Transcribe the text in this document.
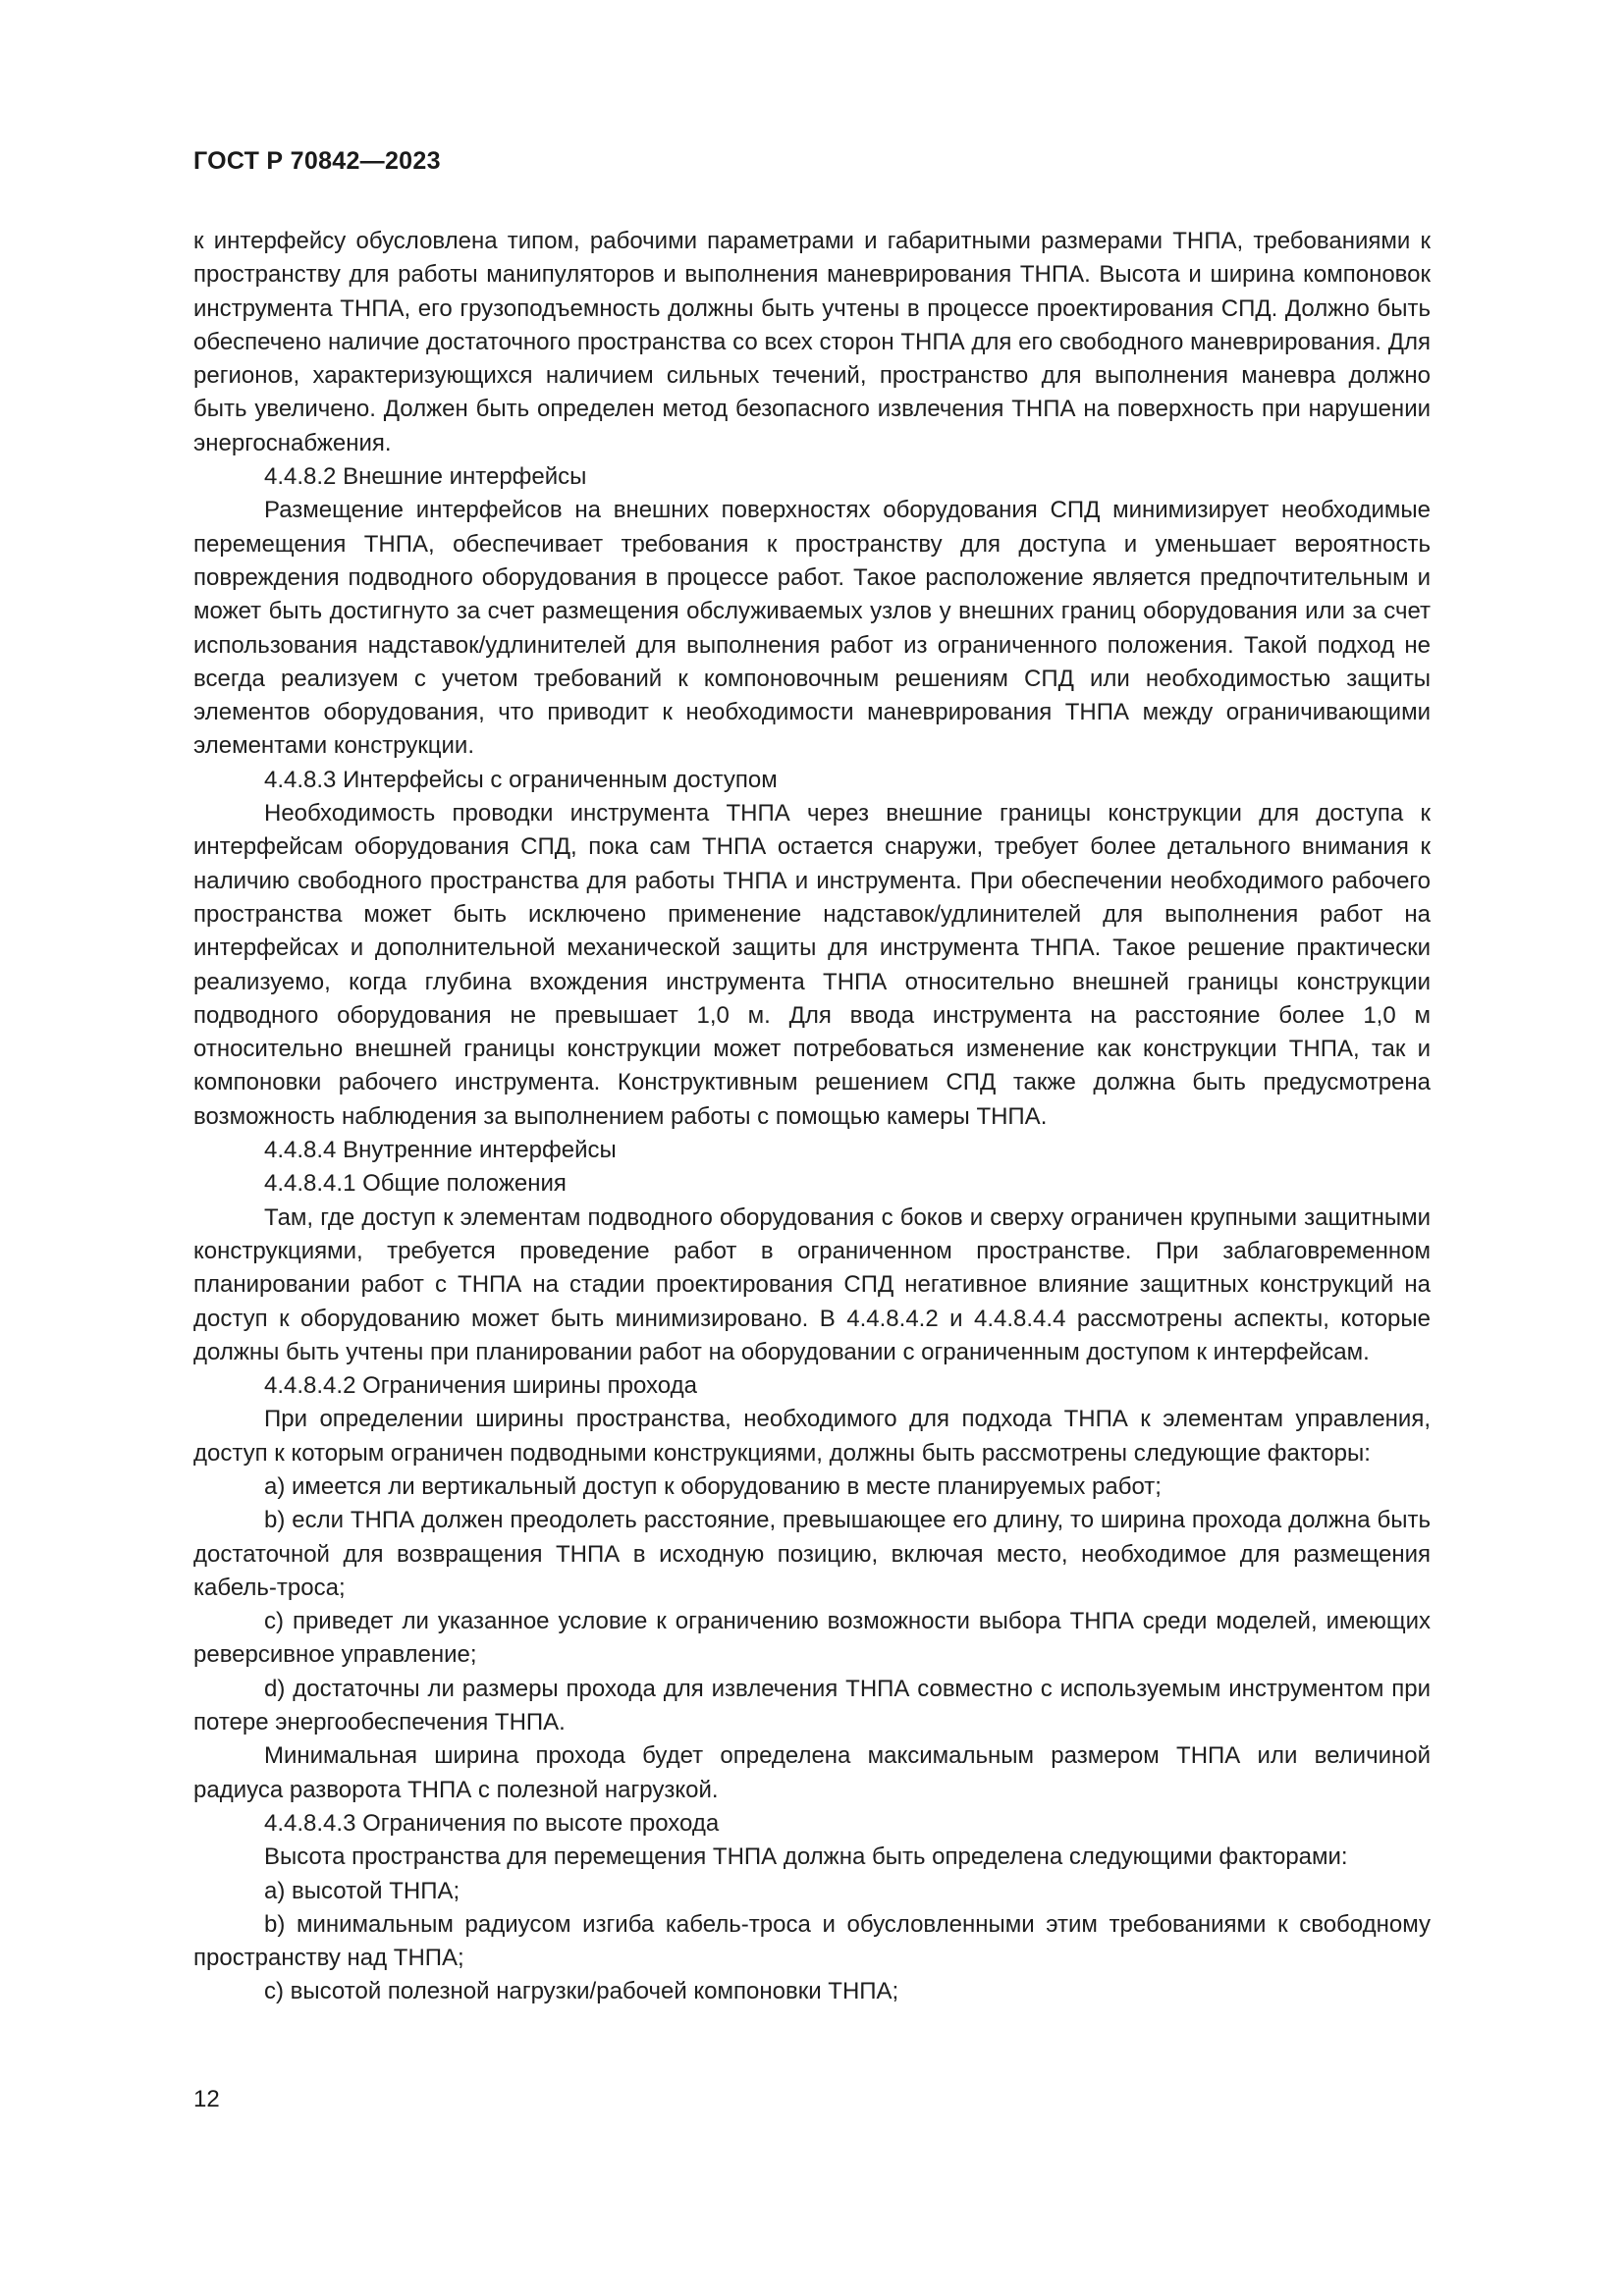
ГОСТ Р 70842—2023

к интерфейсу обусловлена типом, рабочими параметрами и габаритными размерами ТНПА, требованиями к пространству для работы манипуляторов и выполнения маневрирования ТНПА. Высота и ширина компоновок инструмента ТНПА, его грузоподъемность должны быть учтены в процессе проектирования СПД. Должно быть обеспечено наличие достаточного пространства со всех сторон ТНПА для его свободного маневрирования. Для регионов, характеризующихся наличием сильных течений, пространство для выполнения маневра должно быть увеличено. Должен быть определен метод безопасного извлечения ТНПА на поверхность при нарушении энергоснабжения.

4.4.8.2 Внешние интерфейсы

Размещение интерфейсов на внешних поверхностях оборудования СПД минимизирует необходимые перемещения ТНПА, обеспечивает требования к пространству для доступа и уменьшает вероятность повреждения подводного оборудования в процессе работ. Такое расположение является предпочтительным и может быть достигнуто за счет размещения обслуживаемых узлов у внешних границ оборудования или за счет использования надставок/удлинителей для выполнения работ из ограниченного положения. Такой подход не всегда реализуем с учетом требований к компоновочным решениям СПД или необходимостью защиты элементов оборудования, что приводит к необходимости маневрирования ТНПА между ограничивающими элементами конструкции.

4.4.8.3 Интерфейсы с ограниченным доступом

Необходимость проводки инструмента ТНПА через внешние границы конструкции для доступа к интерфейсам оборудования СПД, пока сам ТНПА остается снаружи, требует более детального внимания к наличию свободного пространства для работы ТНПА и инструмента. При обеспечении необходимого рабочего пространства может быть исключено применение надставок/удлинителей для выполнения работ на интерфейсах и дополнительной механической защиты для инструмента ТНПА. Такое решение практически реализуемо, когда глубина вхождения инструмента ТНПА относительно внешней границы конструкции подводного оборудования не превышает 1,0 м. Для ввода инструмента на расстояние более 1,0 м относительно внешней границы конструкции может потребоваться изменение как конструкции ТНПА, так и компоновки рабочего инструмента. Конструктивным решением СПД также должна быть предусмотрена возможность наблюдения за выполнением работы с помощью камеры ТНПА.

4.4.8.4 Внутренние интерфейсы

4.4.8.4.1 Общие положения

Там, где доступ к элементам подводного оборудования с боков и сверху ограничен крупными защитными конструкциями, требуется проведение работ в ограниченном пространстве. При заблаговременном планировании работ с ТНПА на стадии проектирования СПД негативное влияние защитных конструкций на доступ к оборудованию может быть минимизировано. В 4.4.8.4.2 и 4.4.8.4.4 рассмотрены аспекты, которые должны быть учтены при планировании работ на оборудовании с ограниченным доступом к интерфейсам.

4.4.8.4.2 Ограничения ширины прохода

При определении ширины пространства, необходимого для подхода ТНПА к элементам управления, доступ к которым ограничен подводными конструкциями, должны быть рассмотрены следующие факторы:

a) имеется ли вертикальный доступ к оборудованию в месте планируемых работ;

b) если ТНПА должен преодолеть расстояние, превышающее его длину, то ширина прохода должна быть достаточной для возвращения ТНПА в исходную позицию, включая место, необходимое для размещения кабель-троса;

c) приведет ли указанное условие к ограничению возможности выбора ТНПА среди моделей, имеющих реверсивное управление;

d) достаточны ли размеры прохода для извлечения ТНПА совместно с используемым инструментом при потере энергообеспечения ТНПА.

Минимальная ширина прохода будет определена максимальным размером ТНПА или величиной радиуса разворота ТНПА с полезной нагрузкой.

4.4.8.4.3 Ограничения по высоте прохода

Высота пространства для перемещения ТНПА должна быть определена следующими факторами:

a) высотой ТНПА;

b) минимальным радиусом изгиба кабель-троса и обусловленными этим требованиями к свободному пространству над ТНПА;

c) высотой полезной нагрузки/рабочей компоновки ТНПА;

12
